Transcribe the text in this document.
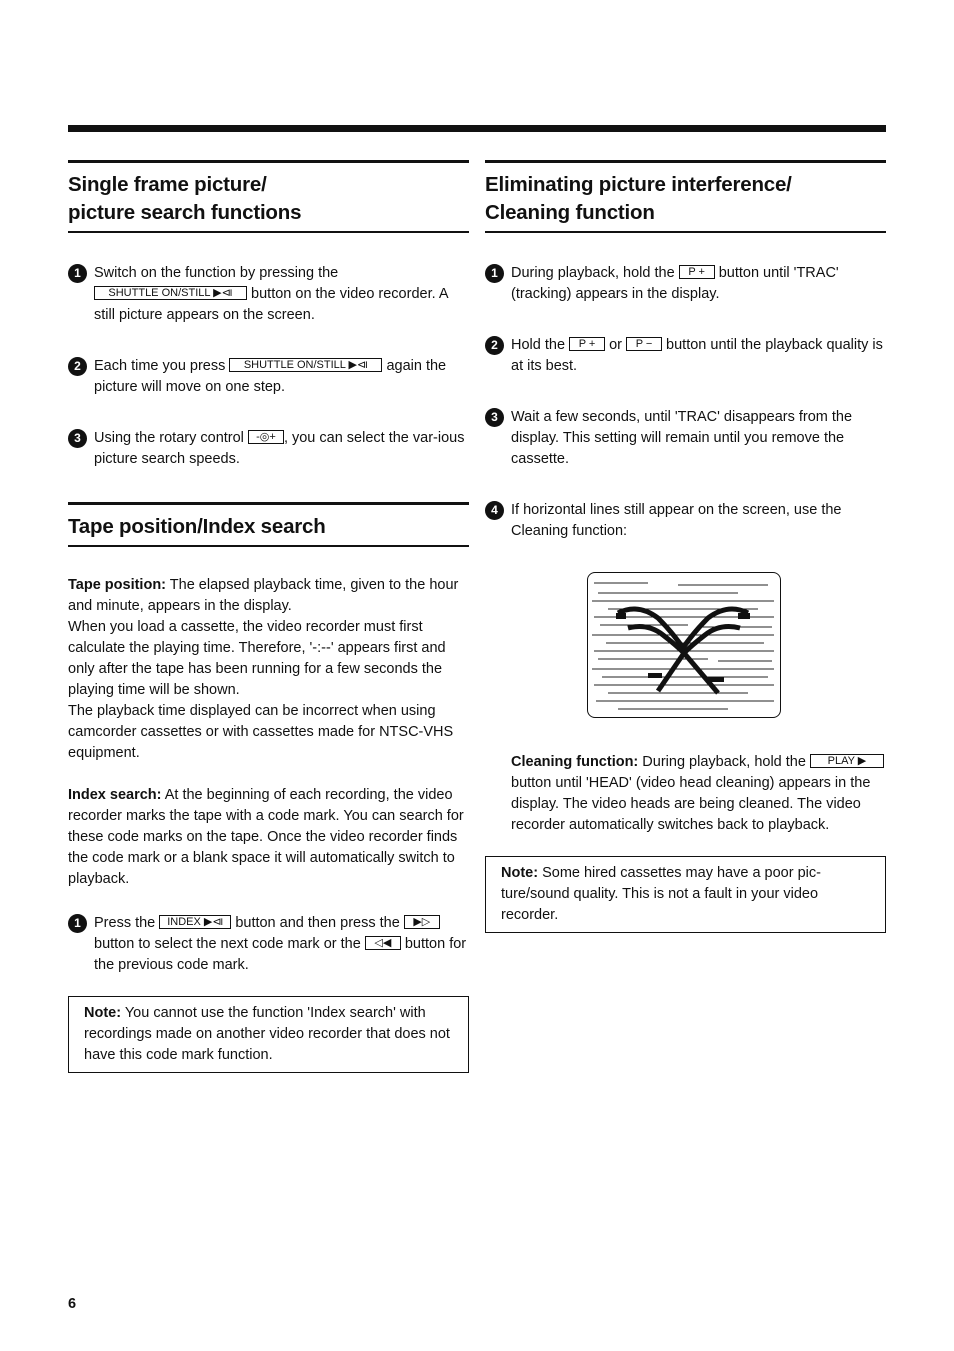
Single frame picture/
picture search functions
1 Switch on the function by pressing the SHUTTLE ON/STILL ▶⧏ button on the video recorder. A still picture appears on the screen.
2 Each time you press SHUTTLE ON/STILL ▶⧏ again the picture will move on one step.
3 Using the rotary control -◎+ , you can select the var-ious picture search speeds.
Tape position/Index search

Tape position: The elapsed playback time, given to the hour and minute, appears in the display.

When you load a cassette, the video recorder must first calculate the playing time. Therefore, '-:--' appears first and only after the tape has been running for a few seconds the playing time will be shown.

The playback time displayed can be incorrect when using camcorder cassettes or with cassettes made for NTSC-VHS equipment.

Index search: At the beginning of each recording, the video recorder marks the tape with a code mark. You can search for these code marks on the tape. Once the video recorder finds the code mark or a blank space it will automatically switch to playback.

1 Press the INDEX ▶⧏ button and then press the ▶▷ button to select the next code mark or the ◁◀ button for the previous code mark.
Note: You cannot use the function 'Index search' with recordings made on another video recorder that does not have this code mark function.
Eliminating picture interference/
Cleaning function
1 During playback, hold the P + button until 'TRAC' (tracking) appears in the display.
2 Hold the P + or P − button until the playback quality is at its best.
3 Wait a few seconds, until 'TRAC' disappears from the display. This setting will remain until you remove the cassette.
4 If horizontal lines still appear on the screen, use the Cleaning function:
Cleaning function: During playback, hold the PLAY ▶ button until 'HEAD' (video head cleaning) appears in the display. The video heads are being cleaned. The video recorder automatically switches back to playback.
Note: Some hired cassettes may have a poor pic-ture/sound quality. This is not a fault in your video recorder.
6
